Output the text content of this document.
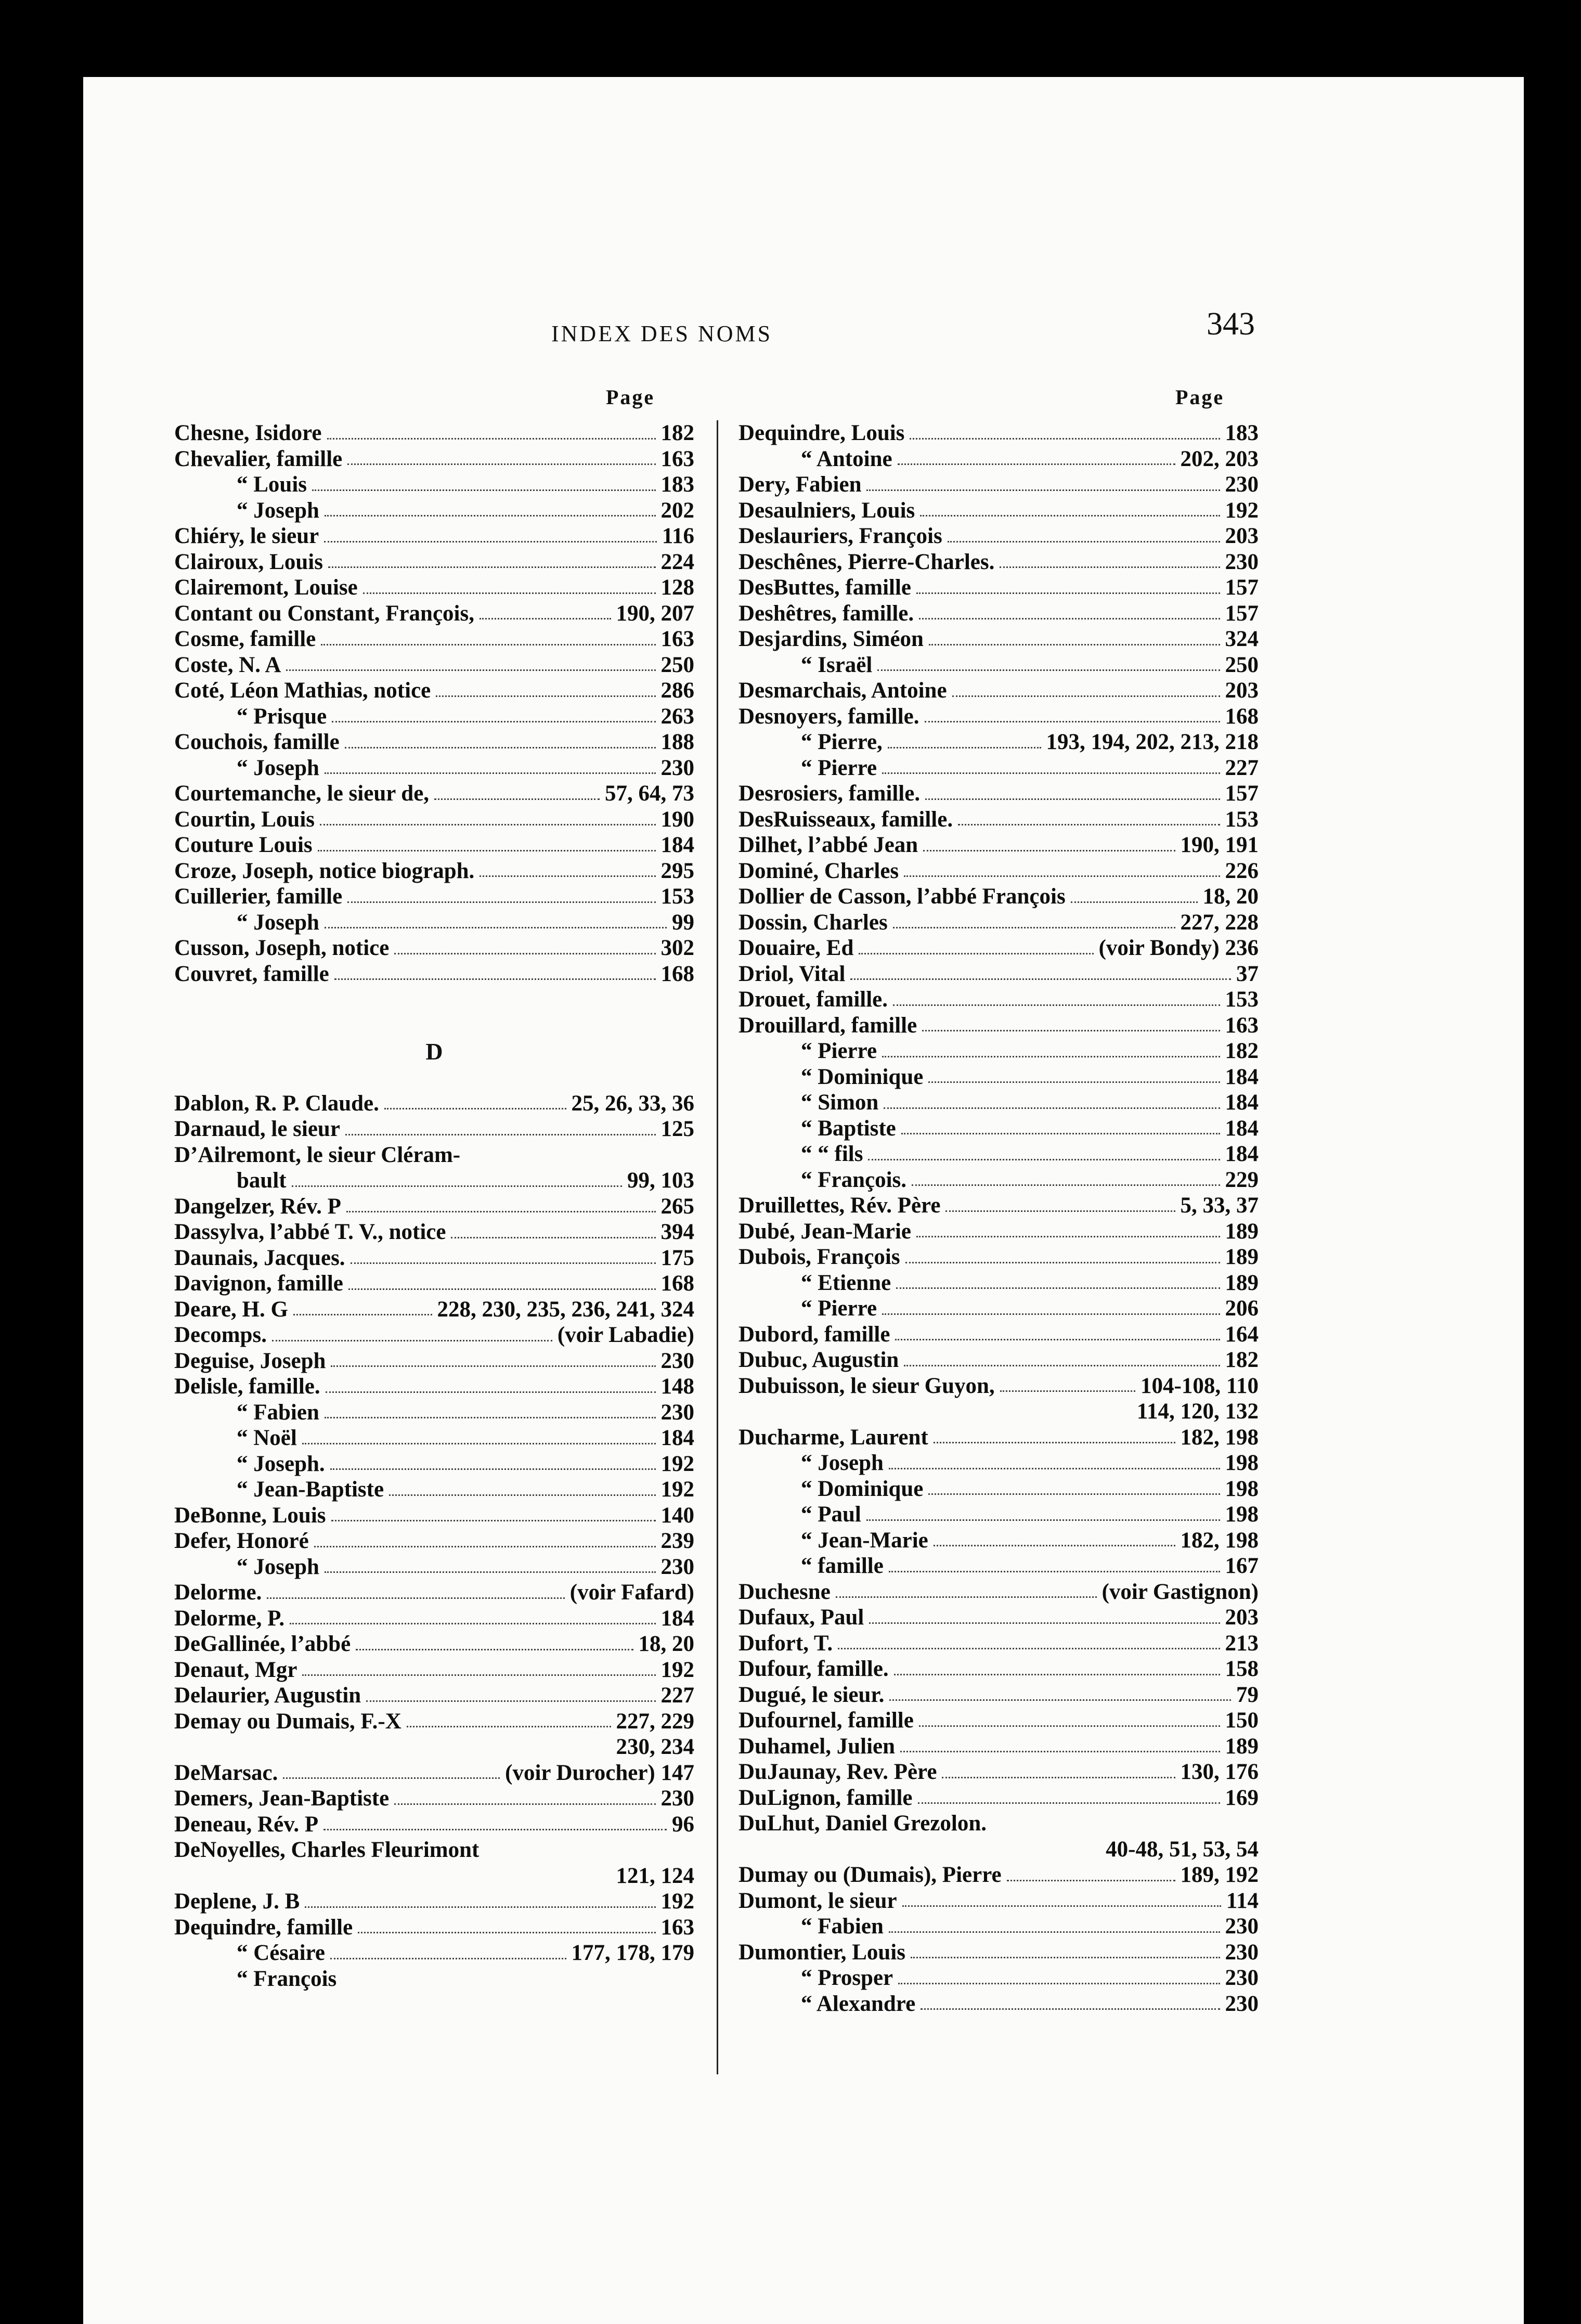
INDEX DES NOMS	343
Page	Page
Chesne, Isidore	182
Chevalier, famille	163
“ Louis	183
“ Joseph	202
Chiéry, le sieur	116
Clairoux, Louis	224
Clairemont, Louise	128
Contant ou Constant, François,	190, 207
Cosme, famille	163
Coste, N. A	250
Coté, Léon Mathias, notice	286
“ Prisque	263
Couchois, famille	188
“ Joseph	230
Courtemanche, le sieur de,	57, 64, 73
Courtin, Louis	190
Couture Louis	184
Croze, Joseph, notice biograph.	295
Cuillerier, famille	153
“ Joseph	99
Cusson, Joseph, notice	302
Couvret, famille	168
D
Dablon, R. P. Claude.	25, 26, 33, 36
Darnaud, le sieur	125
D’Ailremont, le sieur Cléram-
bault	99, 103
Dangelzer, Rév. P	265
Dassylva, l’abbé T. V., notice	394
Daunais, Jacques.	175
Davignon, famille	168
Deare, H. G	228, 230, 235, 236, 241, 324
Decomps.	(voir Labadie)
Deguise, Joseph	230
Delisle, famille.	148
“ Fabien	230
“ Noël	184
“ Joseph.	192
“ Jean-Baptiste	192
DeBonne, Louis	140
Defer, Honoré	239
“ Joseph	230
Delorme.	(voir Fafard)
Delorme, P.	184
DeGallinée, l’abbé	18, 20
Denaut, Mgr	192
Delaurier, Augustin	227
Demay ou Dumais, F.-X	227, 229
230, 234
DeMarsac.	(voir Durocher) 147
Demers, Jean-Baptiste	230
Deneau, Rév. P	96
DeNoyelles, Charles Fleurimont
121, 124
Deplene, J. B	192
Dequindre, famille	163
“ Césaire	177, 178, 179
“ François
Dequindre, Louis	183
“ Antoine	202, 203
Dery, Fabien	230
Desaulniers, Louis	192
Deslauriers, François	203
Deschênes, Pierre-Charles.	230
DesButtes, famille	157
Deshêtres, famille.	157
Desjardins, Siméon	324
“ Israël	250
Desmarchais, Antoine	203
Desnoyers, famille.	168
“ Pierre,	193, 194, 202, 213, 218
“ Pierre	227
Desrosiers, famille.	157
DesRuisseaux, famille.	153
Dilhet, l’abbé Jean	190, 191
Dominé, Charles	226
Dollier de Casson, l’abbé François	18, 20
Dossin, Charles	227, 228
Douaire, Ed	(voir Bondy) 236
Driol, Vital	37
Drouet, famille.	153
Drouillard, famille	163
“ Pierre	182
“ Dominique	184
“ Simon	184
“ Baptiste	184
“ “ fils	184
“ François.	229
Druillettes, Rév. Père	5, 33, 37
Dubé, Jean-Marie	189
Dubois, François	189
“ Etienne	189
“ Pierre	206
Dubord, famille	164
Dubuc, Augustin	182
Dubuisson, le sieur Guyon,	104-108, 110
114, 120, 132
Ducharme, Laurent	182, 198
“ Joseph	198
“ Dominique	198
“ Paul	198
“ Jean-Marie	182, 198
“ famille	167
Duchesne	(voir Gastignon)
Dufaux, Paul	203
Dufort, T.	213
Dufour, famille.	158
Dugué, le sieur.	79
Dufournel, famille	150
Duhamel, Julien	189
DuJaunay, Rev. Père	130, 176
DuLignon, famille	169
DuLhut, Daniel Grezolon.
40-48, 51, 53, 54
Dumay ou (Dumais), Pierre	189, 192
Dumont, le sieur	114
“ Fabien	230
Dumontier, Louis	230
“ Prosper	230
“ Alexandre	230
